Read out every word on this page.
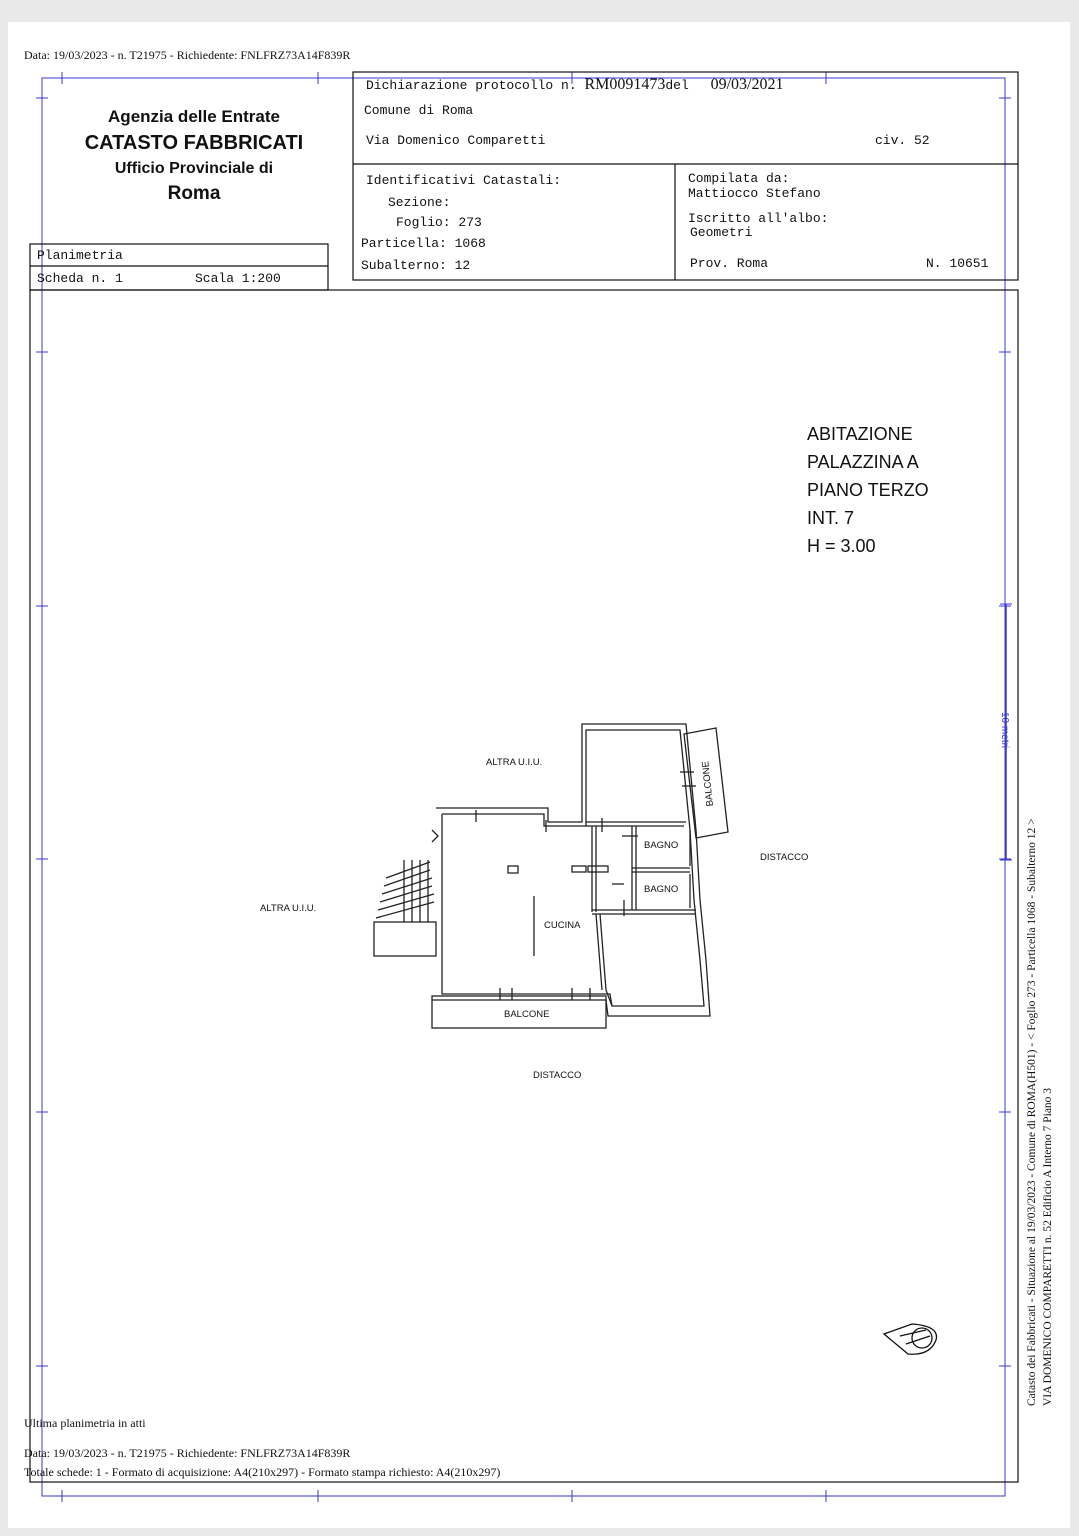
Data: 19/03/2023 - n. T21975 - Richiedente: FNLFRZ73A14F839R
10 metri
Agenzia delle Entrate
CATASTO FABBRICATI
Ufficio Provinciale di
Roma
Dichiarazione protocollo n. RM0091473del 09/03/2021
Comune di Roma
Via Domenico Comparetti	civ. 52
Identificativi Catastali:
Sezione:
Foglio: 273
Particella: 1068
Subalterno: 12
Compilata da:
Mattiocco Stefano
Iscritto all'albo:
Geometri
Prov. Roma	N. 10651
Planimetria
Scheda n. 1	Scala 1:200
ABITAZIONE
PALAZZINA A
PIANO TERZO
INT. 7
H = 3.00
ALTRA U.I.U.
ALTRA U.I.U.
BAGNO
BAGNO
CUCINA
DISTACCO
BALCONE
DISTACCO
BALCONE
Catasto dei Fabbricati - Situazione al 19/03/2023 - Comune di ROMA(H501) - < Foglio 273 - Particella 1068 - Subalterno 12 > VIA DOMENICO COMPARETTI n. 52 Edificio A Interno 7 Piano 3
Ultima planimetria in atti
Data: 19/03/2023 - n. T21975 - Richiedente: FNLFRZ73A14F839R
Totale schede: 1 - Formato di acquisizione: A4(210x297) - Formato stampa richiesto: A4(210x297)
